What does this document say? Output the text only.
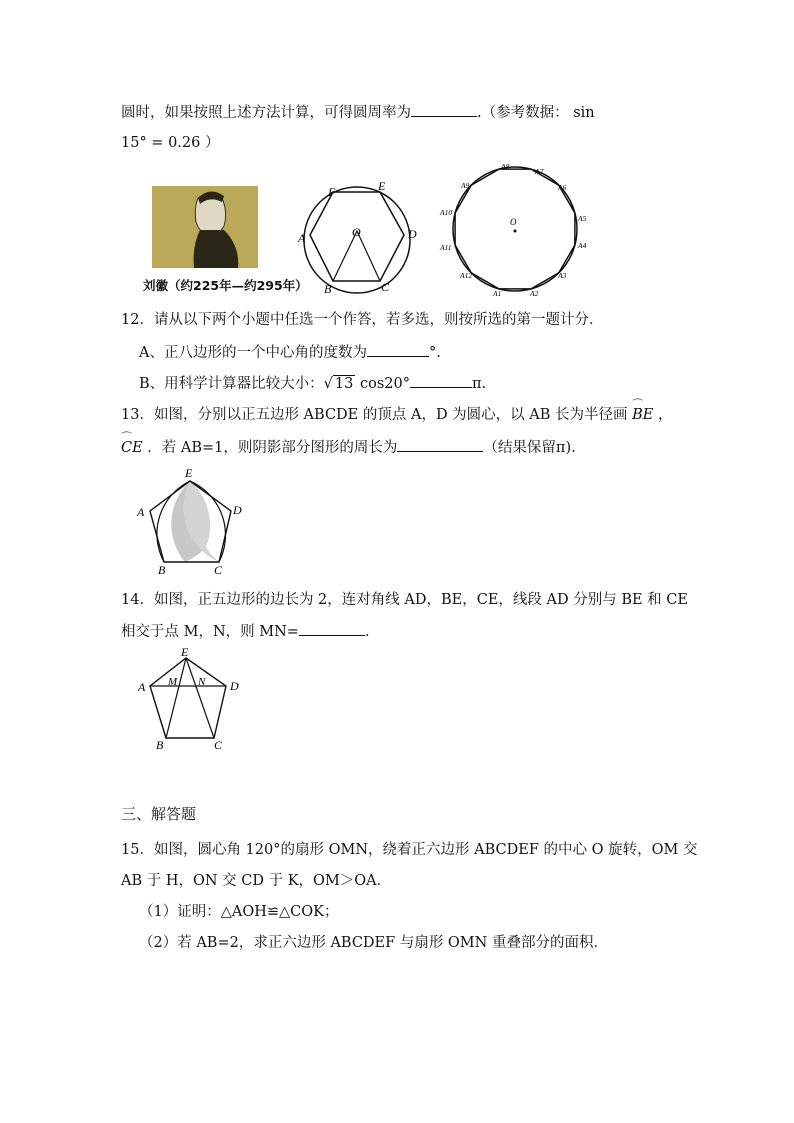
圆时，如果按照上述方法计算，可得圆周率为	.（参考数据： sin
15° = 0.26 ）
刘徽（约225年—约295年）
F	E
A	O	D
B	C
A9
A8
A7
A6
A5
A10
O
A4
A11
A3
A12
A1	A2
12．请从以下两个小题中任选一个作答，若多选，则按所选的第一题计分．
A、正八边形的一个中心角的度数为	°.
B、用科学计算器比较大小：√ 13 cos20°	π.
13．如图，分别以正五边形 ABCDE 的顶点 A，D 为圆心，以 AB 长为半径画 ⌒ BE ，
⌒ CE ．若 AB=1，则阴影部分图形的周长为	（结果保留π).
E
A	D
B	C
14．如图，正五边形的边长为 2，连对角线 AD，BE，CE，线段 AD 分别与 BE 和 CE
相交于点 M，N，则 MN=	．
E
A M N D
B	C
三、解答题
15．如图，圆心角 120°的扇形 OMN，绕着正六边形 ABCDEF 的中心 O 旋转，OM 交
AB 于 H，ON 交 CD 于 K，OM＞OA．
（1）证明：△AOH≌△COK；
（2）若 AB=2，求正六边形 ABCDEF 与扇形 OMN 重叠部分的面积．
